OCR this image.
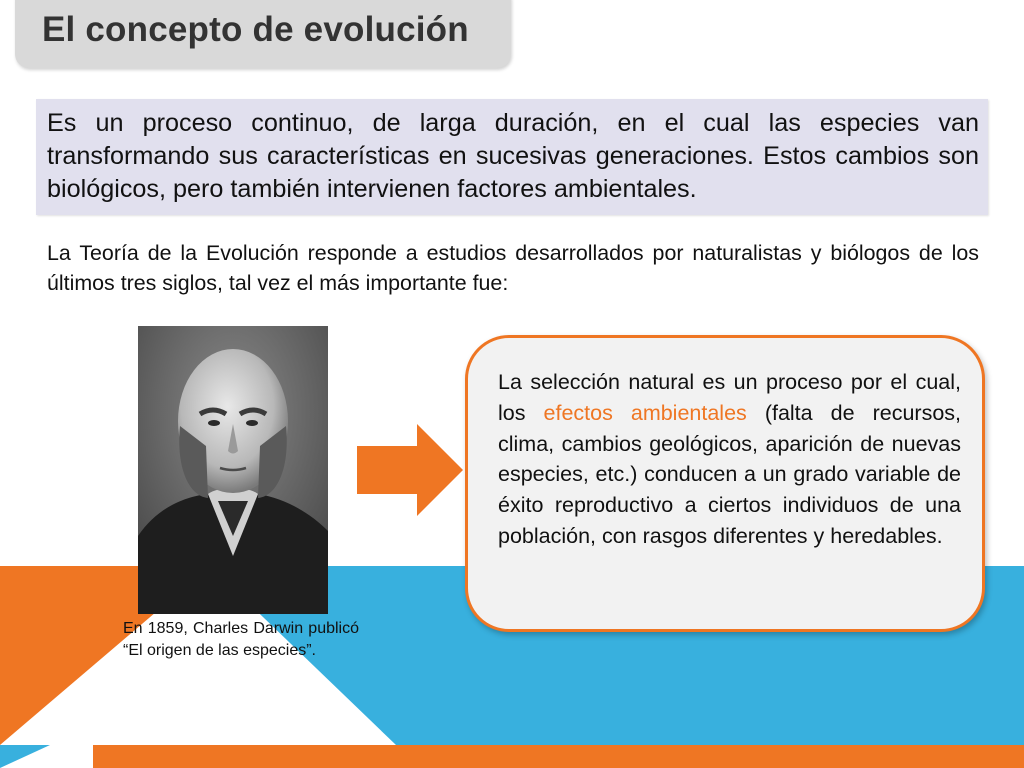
El concepto de evolución
Es un proceso continuo, de larga duración, en el cual las especies van transformando sus características en sucesivas generaciones. Estos cambios son biológicos, pero también intervienen factores ambientales.
La Teoría de la Evolución responde a estudios desarrollados por naturalistas y biólogos de los últimos tres siglos, tal vez el más importante fue:
En 1859, Charles Darwin publicó “El origen de las especies”.
La selección natural es un proceso por el cual, los efectos ambientales (falta de recursos, clima, cambios geológicos, aparición de nuevas especies, etc.) conducen a un grado variable de éxito reproductivo a ciertos individuos de una población, con rasgos diferentes y heredables.
